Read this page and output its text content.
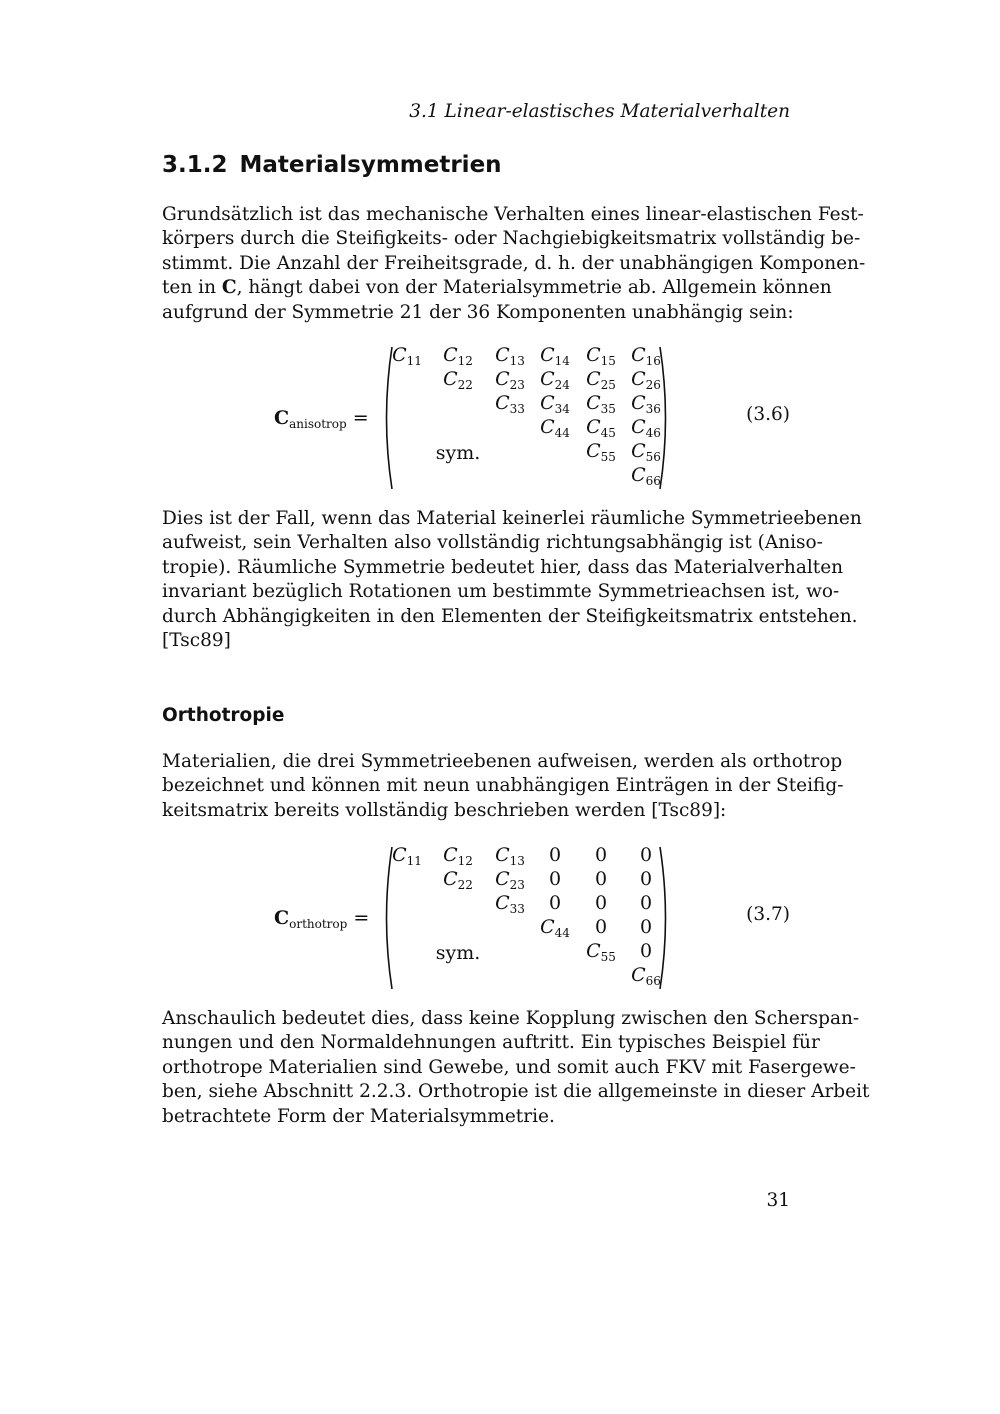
3.1 Linear-elastisches Materialverhalten
3.1.2 Materialsymmetrien

Grundsätzlich ist das mechanische Verhalten eines linear-elastischen Fest-
körpers durch die Steifigkeits- oder Nachgiebigkeitsmatrix vollständig be-
stimmt. Die Anzahl der Freiheitsgrade, d. h. der unabhängigen Komponen-
ten in C, hängt dabei von der Materialsymmetrie ab. Allgemein können
aufgrund der Symmetrie 21 der 36 Komponenten unabhängig sein:

$C_{anisotrop}$ =
$C_{11}$ $C_{12}$ $C_{13}$ $C_{14}$ $C_{15}$ $C_{16}$
$C_{22}$ $C_{23}$ $C_{24}$ $C_{25}$ $C_{26}$
$C_{33}$ $C_{34}$ $C_{35}$ $C_{36}$
$C_{44}$ $C_{45}$ $C_{46}$
$C_{55}$ $C_{56}$
$C_{66}$
sym.
(3.6)

Dies ist der Fall, wenn das Material keinerlei räumliche Symmetrieebenen
aufweist, sein Verhalten also vollständig richtungsabhängig ist (Aniso-
tropie). Räumliche Symmetrie bedeutet hier, dass das Materialverhalten
invariant bezüglich Rotationen um bestimmte Symmetrieachsen ist, wo-
durch Abhängigkeiten in den Elementen der Steifigkeitsmatrix entstehen.
[Tsc89]

Orthotropie

Materialien, die drei Symmetrieebenen aufweisen, werden als orthotrop
bezeichnet und können mit neun unabhängigen Einträgen in der Steifig-
keitsmatrix bereits vollständig beschrieben werden [Tsc89]:

$C_{orthotrop}$ =
$C_{11}$ $C_{12}$ $C_{13}$ 0 0 0
$C_{22}$ $C_{23}$ 0 0 0
$C_{33}$ 0 0 0
$C_{44}$ 0 0
$C_{55}$ 0
$C_{66}$
sym.
(3.7)

Anschaulich bedeutet dies, dass keine Kopplung zwischen den Scherspan-
nungen und den Normaldehnungen auftritt. Ein typisches Beispiel für
orthotrope Materialien sind Gewebe, und somit auch FKV mit Fasergewe-
ben, siehe Abschnitt 2.2.3. Orthotropie ist die allgemeinste in dieser Arbeit
betrachtete Form der Materialsymmetrie.

31
